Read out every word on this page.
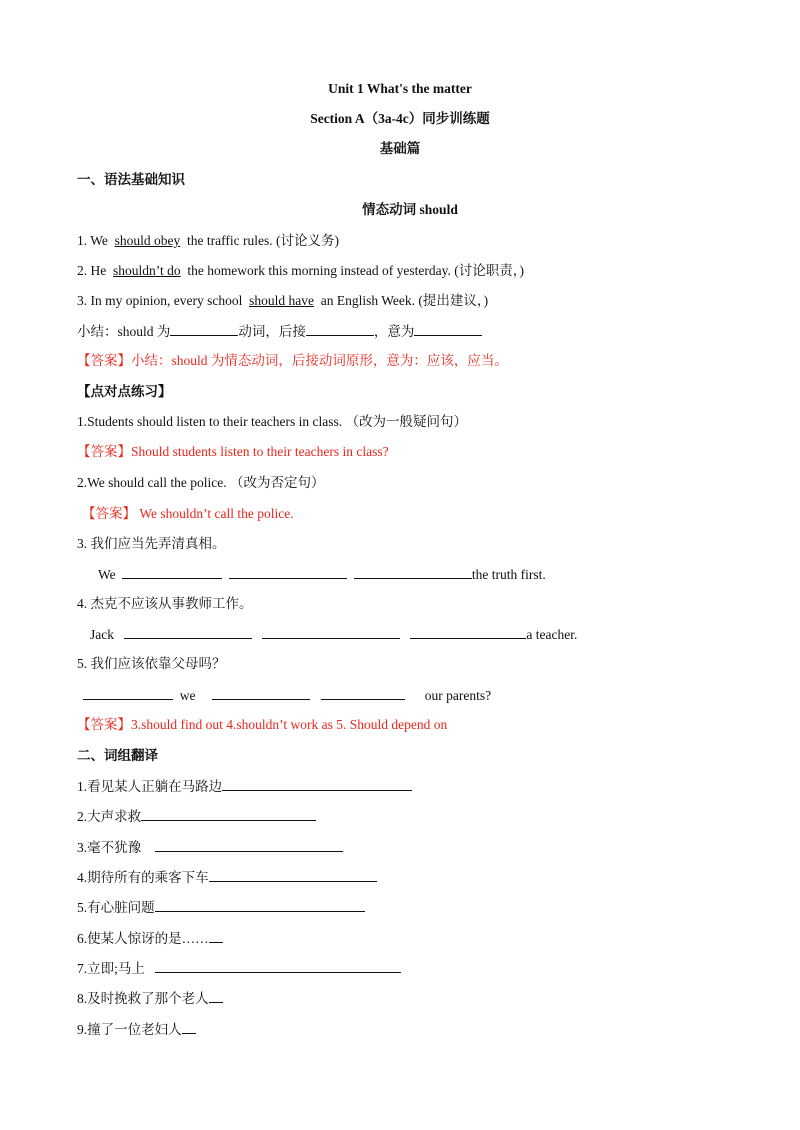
Unit 1 What's the matter
Section A（3a-4c）同步训练题
基础篇
一、语法基础知识
情态动词 should
1. We should obey the traffic rules. (讨论义务)
2. He shouldn’t do the homework this morning instead of yesterday. (讨论职责，)
3. In my opinion, every school should have an English Week. (提出建议，)
小结：should 为	动词，后接	，意为
【答案】小结：should 为情态动词，后接动词原形，意为：应该，应当。
【点对点练习】
1.Students should listen to their teachers in class. （改为一般疑问句）
【答案】Should students listen to their teachers in class?
2.We should call the police. （改为否定句）
【答案】 We shouldn’t call the police.
3. 我们应当先弄清真相。
We	the truth first.
4. 杰克不应该从事教师工作。
Jack	a teacher.
5. 我们应该依靠父母吗？
we	our parents?
【答案】3.should find out 4.shouldn’t work as 5. Should depend on
二、词组翻译
1.看见某人正躺在马路边
2.大声求救
3.毫不犹豫
4.期待所有的乘客下车
5.有心脏问题
6.使某人惊讶的是……
7.立即;马上
8.及时挽救了那个老人
9.撞了一位老妇人
